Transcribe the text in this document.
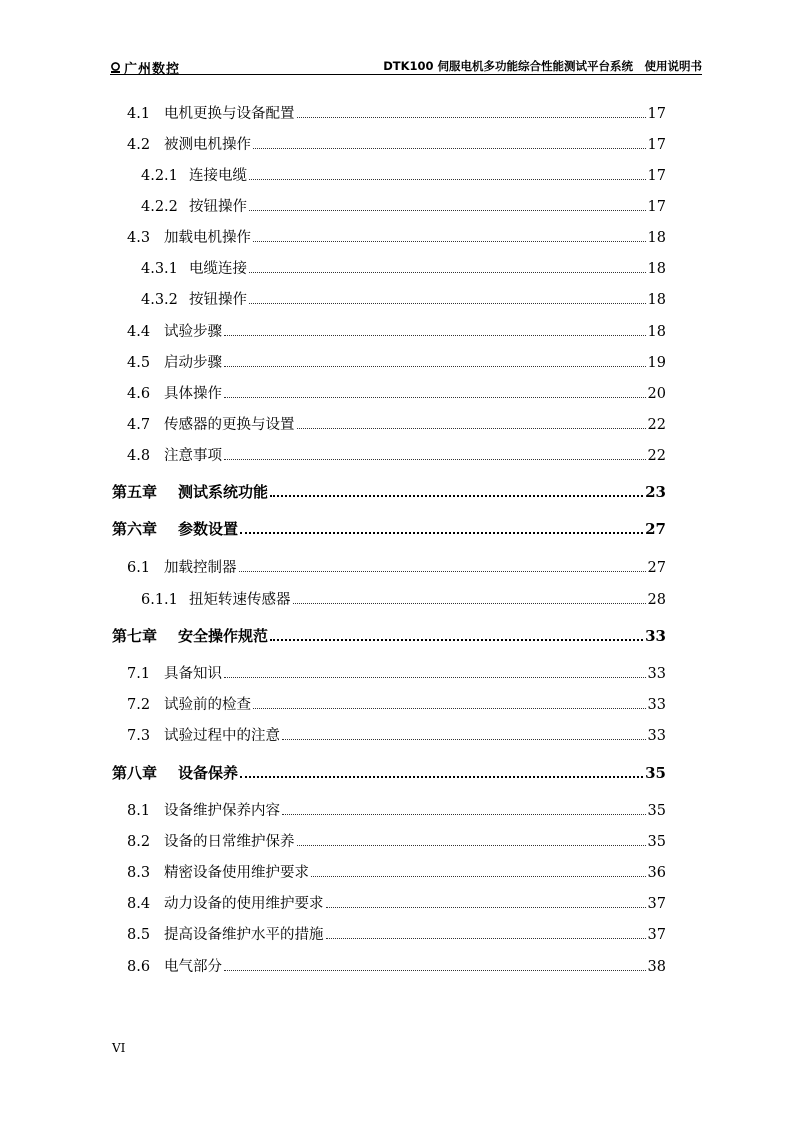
广州数控	DTK100 伺服电机多功能综合性能测试平台系统　使用说明书
4.1 电机更换与设备配置	17
4.2 被测电机操作	17
4.2.1 连接电缆	17
4.2.2 按钮操作	17
4.3 加载电机操作	18
4.3.1 电缆连接	18
4.3.2 按钮操作	18
4.4 试验步骤	18
4.5 启动步骤	19
4.6 具体操作	20
4.7 传感器的更换与设置	22
4.8 注意事项	22
第五章	测试系统功能	23
第六章	参数设置	27
6.1 加载控制器	27
6.1.1 扭矩转速传感器	28
第七章	安全操作规范	33
7.1 具备知识	33
7.2 试验前的检查	33
7.3 试验过程中的注意	33
第八章	设备保养	35
8.1 设备维护保养内容	35
8.2 设备的日常维护保养	35
8.3 精密设备使用维护要求	36
8.4 动力设备的使用维护要求	37
8.5 提高设备维护水平的措施	37
8.6 电气部分	38
VI
